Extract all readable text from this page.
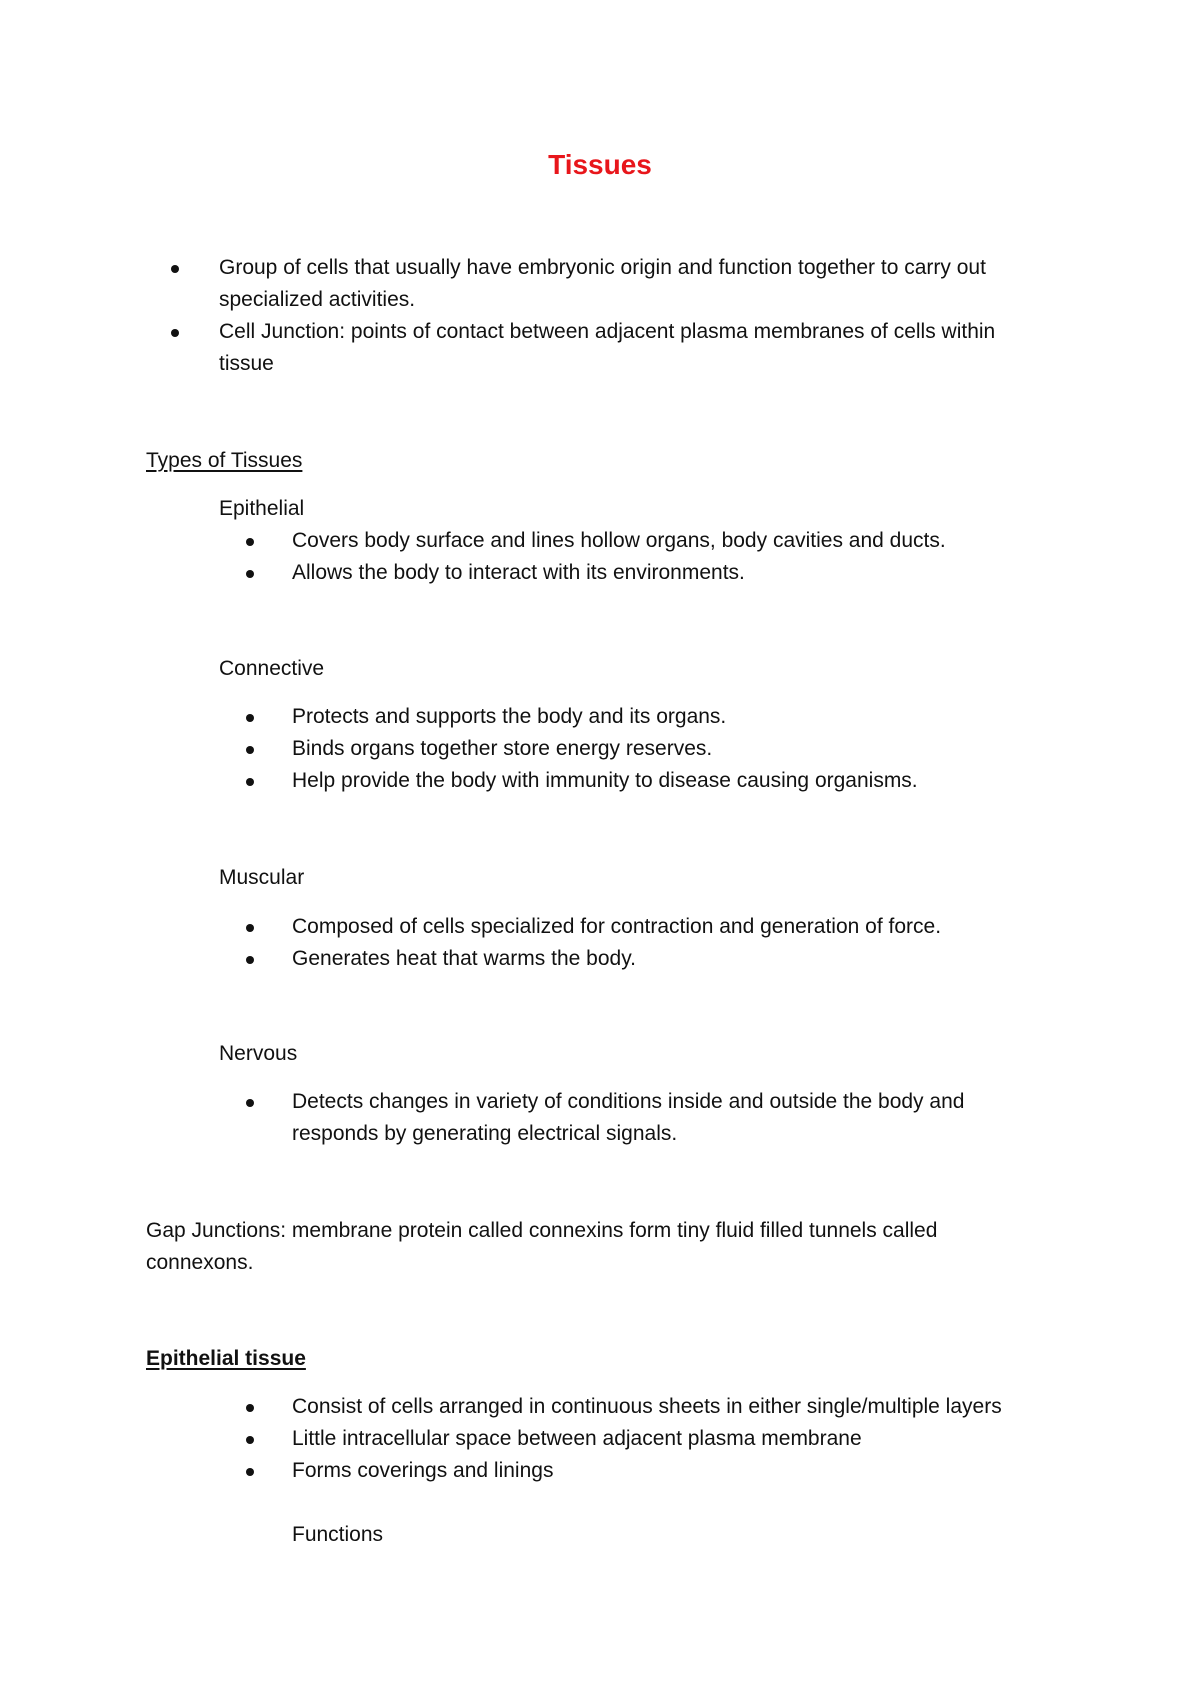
Tissues
Group of cells that usually have embryonic origin and function together to carry out
specialized activities.
Cell Junction: points of contact between adjacent plasma membranes of cells within
tissue
Types of Tissues
Epithelial
Covers body surface and lines hollow organs, body cavities and ducts.
Allows the body to interact with its environments.
Connective
Protects and supports the body and its organs.
Binds organs together store energy reserves.
Help provide the body with immunity to disease causing organisms.
Muscular
Composed of cells specialized for contraction and generation of force.
Generates heat that warms the body.
Nervous
Detects changes in variety of conditions inside and outside the body and
responds by generating electrical signals.
Gap Junctions: membrane protein called connexins form tiny fluid filled tunnels called
connexons.
Epithelial tissue
Consist of cells arranged in continuous sheets in either single/multiple layers
Little intracellular space between adjacent plasma membrane
Forms coverings and linings
Functions
